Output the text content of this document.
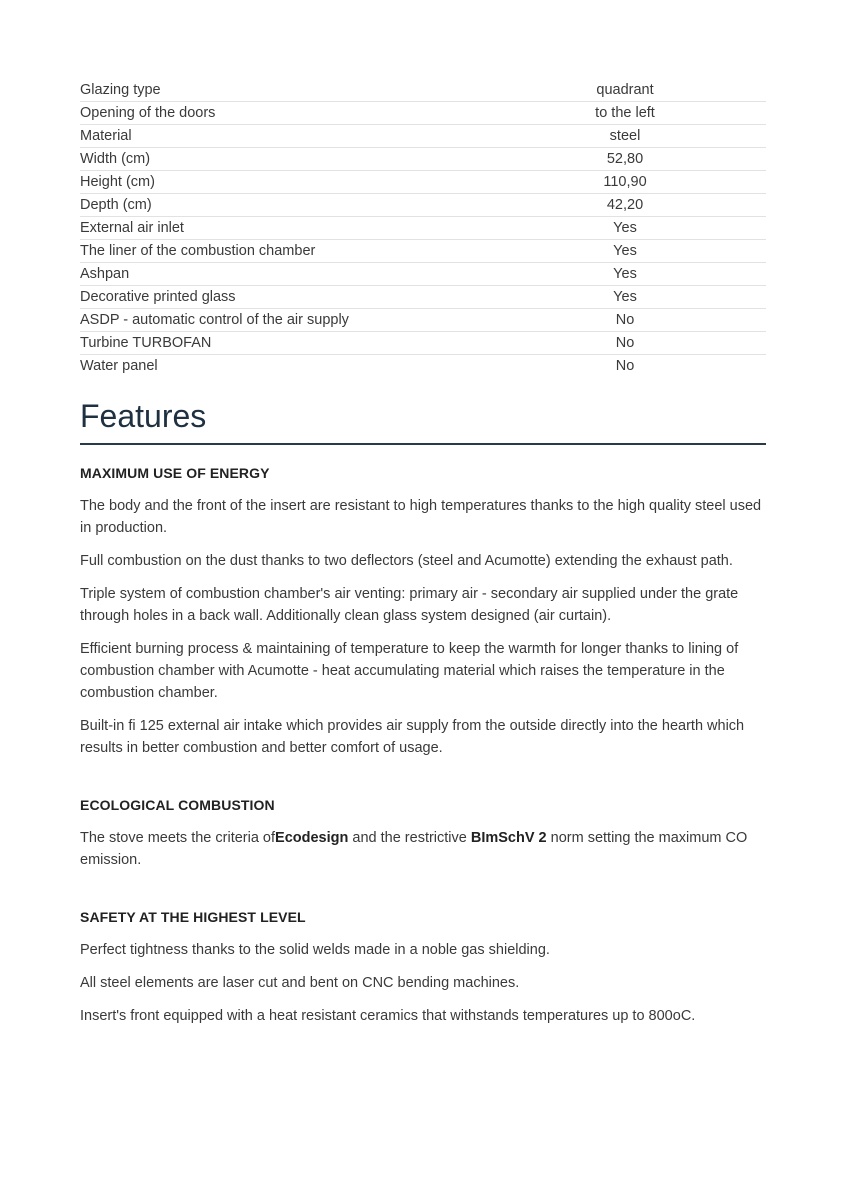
Glazing type	quadrant
Opening of the doors	to the left
Material	steel
Width (cm)	52,80
Height (cm)	110,90
Depth (cm)	42,20
External air inlet	Yes
The liner of the combustion chamber	Yes
Ashpan	Yes
Decorative printed glass	Yes
ASDP - automatic control of the air supply	No
Turbine TURBOFAN	No
Water panel	No
Features
MAXIMUM USE OF ENERGY

The body and the front of the insert are resistant to high temperatures thanks to the high quality steel used in production.

Full combustion on the dust thanks to two deflectors (steel and Acumotte) extending the exhaust path.

Triple system of combustion chamber's air venting: primary air - secondary air supplied under the grate through holes in a back wall. Additionally clean glass system designed (air curtain).

Efficient burning process & maintaining of temperature to keep the warmth for longer thanks to lining of combustion chamber with Acumotte - heat accumulating material which raises the temperature in the combustion chamber.

Built-in fi 125 external air intake which provides air supply from the outside directly into the hearth which results in better combustion and better comfort of usage.

ECOLOGICAL COMBUSTION

The stove meets the criteria ofEcodesign and the restrictive BImSchV 2 norm setting the maximum CO emission.

SAFETY AT THE HIGHEST LEVEL

Perfect tightness thanks to the solid welds made in a noble gas shielding.

All steel elements are laser cut and bent on CNC bending machines.

Insert's front equipped with a heat resistant ceramics that withstands temperatures up to 800oC.
